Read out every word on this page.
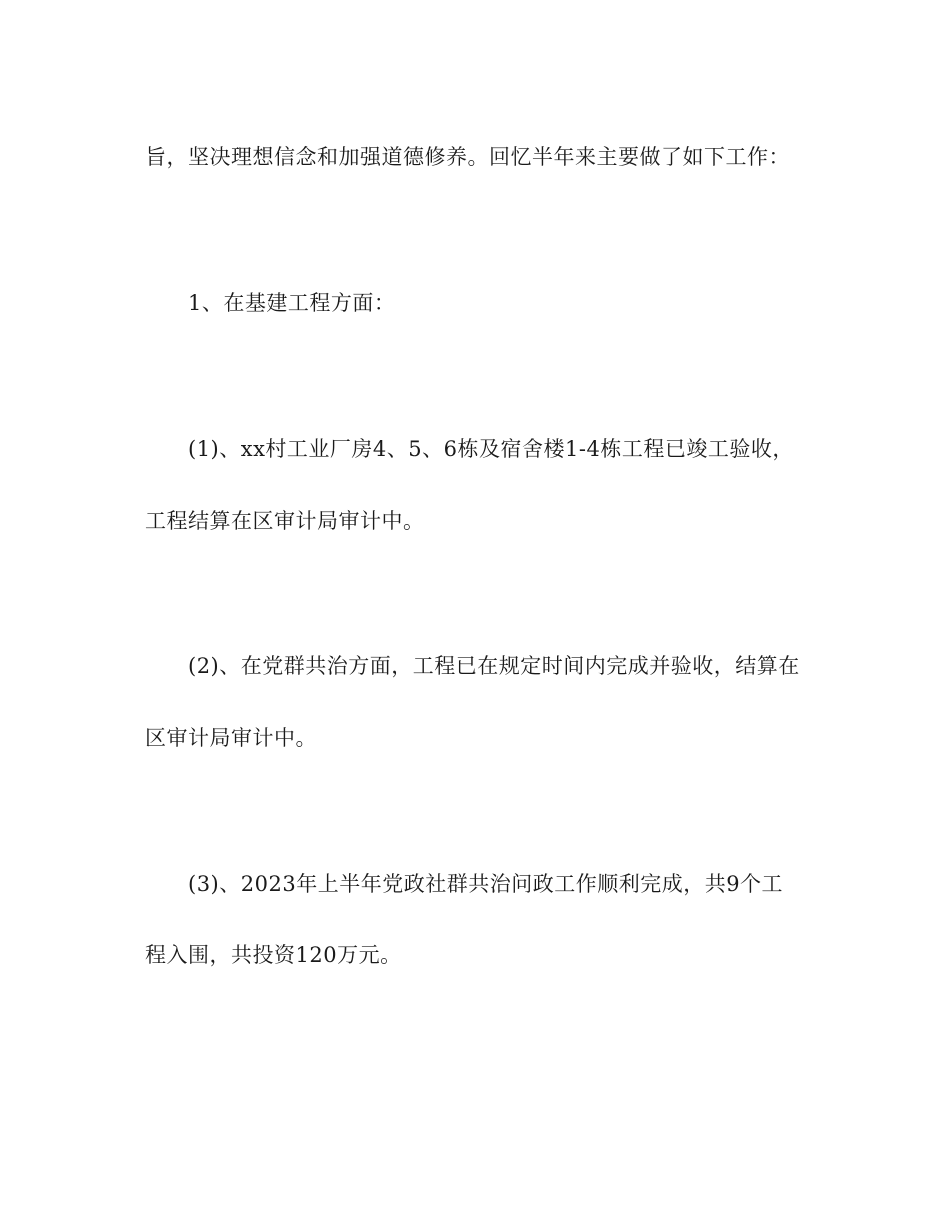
旨，坚决理想信念和加强道德修养。回忆半年来主要做了如下工作：
1、在基建工程方面：
(1)、xx村工业厂房4、5、6栋及宿舍楼1-4栋工程已竣工验收，
工程结算在区审计局审计中。
(2)、在党群共治方面，工程已在规定时间内完成并验收，结算在
区审计局审计中。
(3)、2023年上半年党政社群共治问政工作顺利完成，共9个工
程入围，共投资120万元。
